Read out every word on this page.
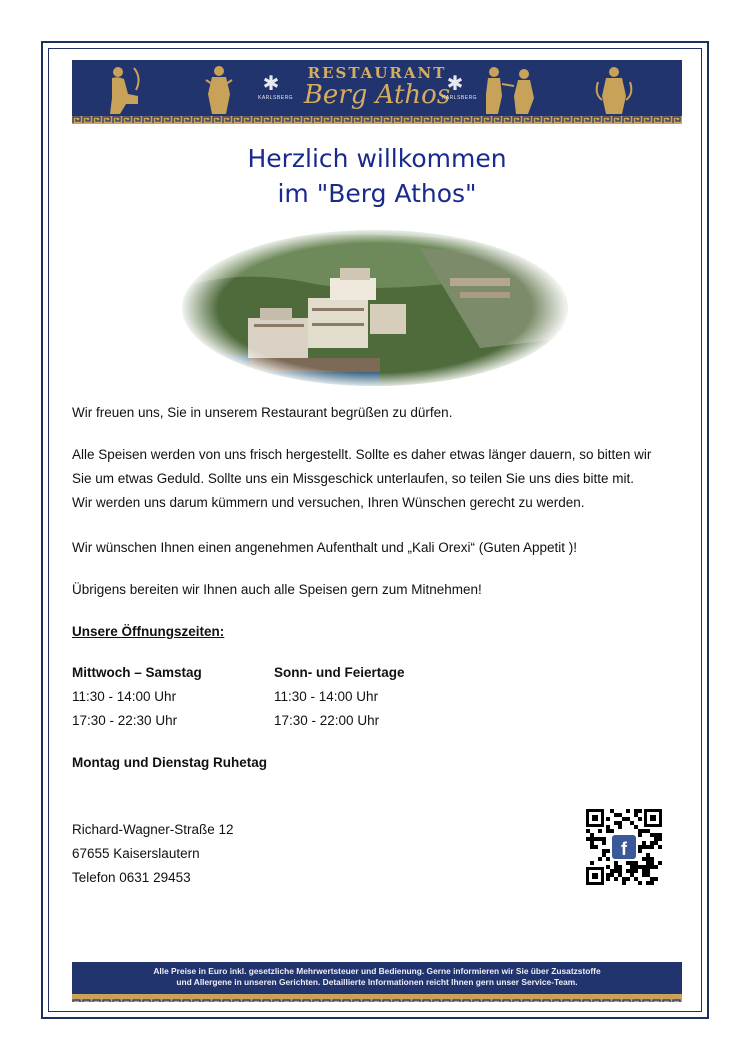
✱
KARLSBERG
RESTAURANT
Berg Athos
✱
KARLSBERG
Herzlich willkommen
im "Berg Athos"

Wir freuen uns, Sie in unserem Restaurant begrüßen zu dürfen.

Alle Speisen werden von uns frisch hergestellt. Sollte es daher etwas länger dauern, so bitten wir
Sie um etwas Geduld. Sollte uns ein Missgeschick unterlaufen, so teilen Sie uns dies bitte mit.
Wir werden uns darum kümmern und versuchen, Ihren Wünschen gerecht zu werden.

Wir wünschen Ihnen einen angenehmen Aufenthalt und „Kali Orexi“ (Guten Appetit )!

Übrigens bereiten wir Ihnen auch alle Speisen gern zum Mitnehmen!

Unsere Öffnungszeiten:

Mittwoch – Samstag
11:30 - 14:00 Uhr
17:30 - 22:30 Uhr

Sonn- und Feiertage
11:30 - 14:00 Uhr
17:30 - 22:00 Uhr

Montag und Dienstag Ruhetag

Richard-Wagner-Straße 12
67655 Kaiserslautern
Telefon 0631 29453

f
Alle Preise in Euro inkl. gesetzliche Mehrwertsteuer und Bedienung. Gerne informieren wir Sie über Zusatzstoffe
und Allergene in unseren Gerichten. Detaillierte Informationen reicht Ihnen gern unser Service-Team.
